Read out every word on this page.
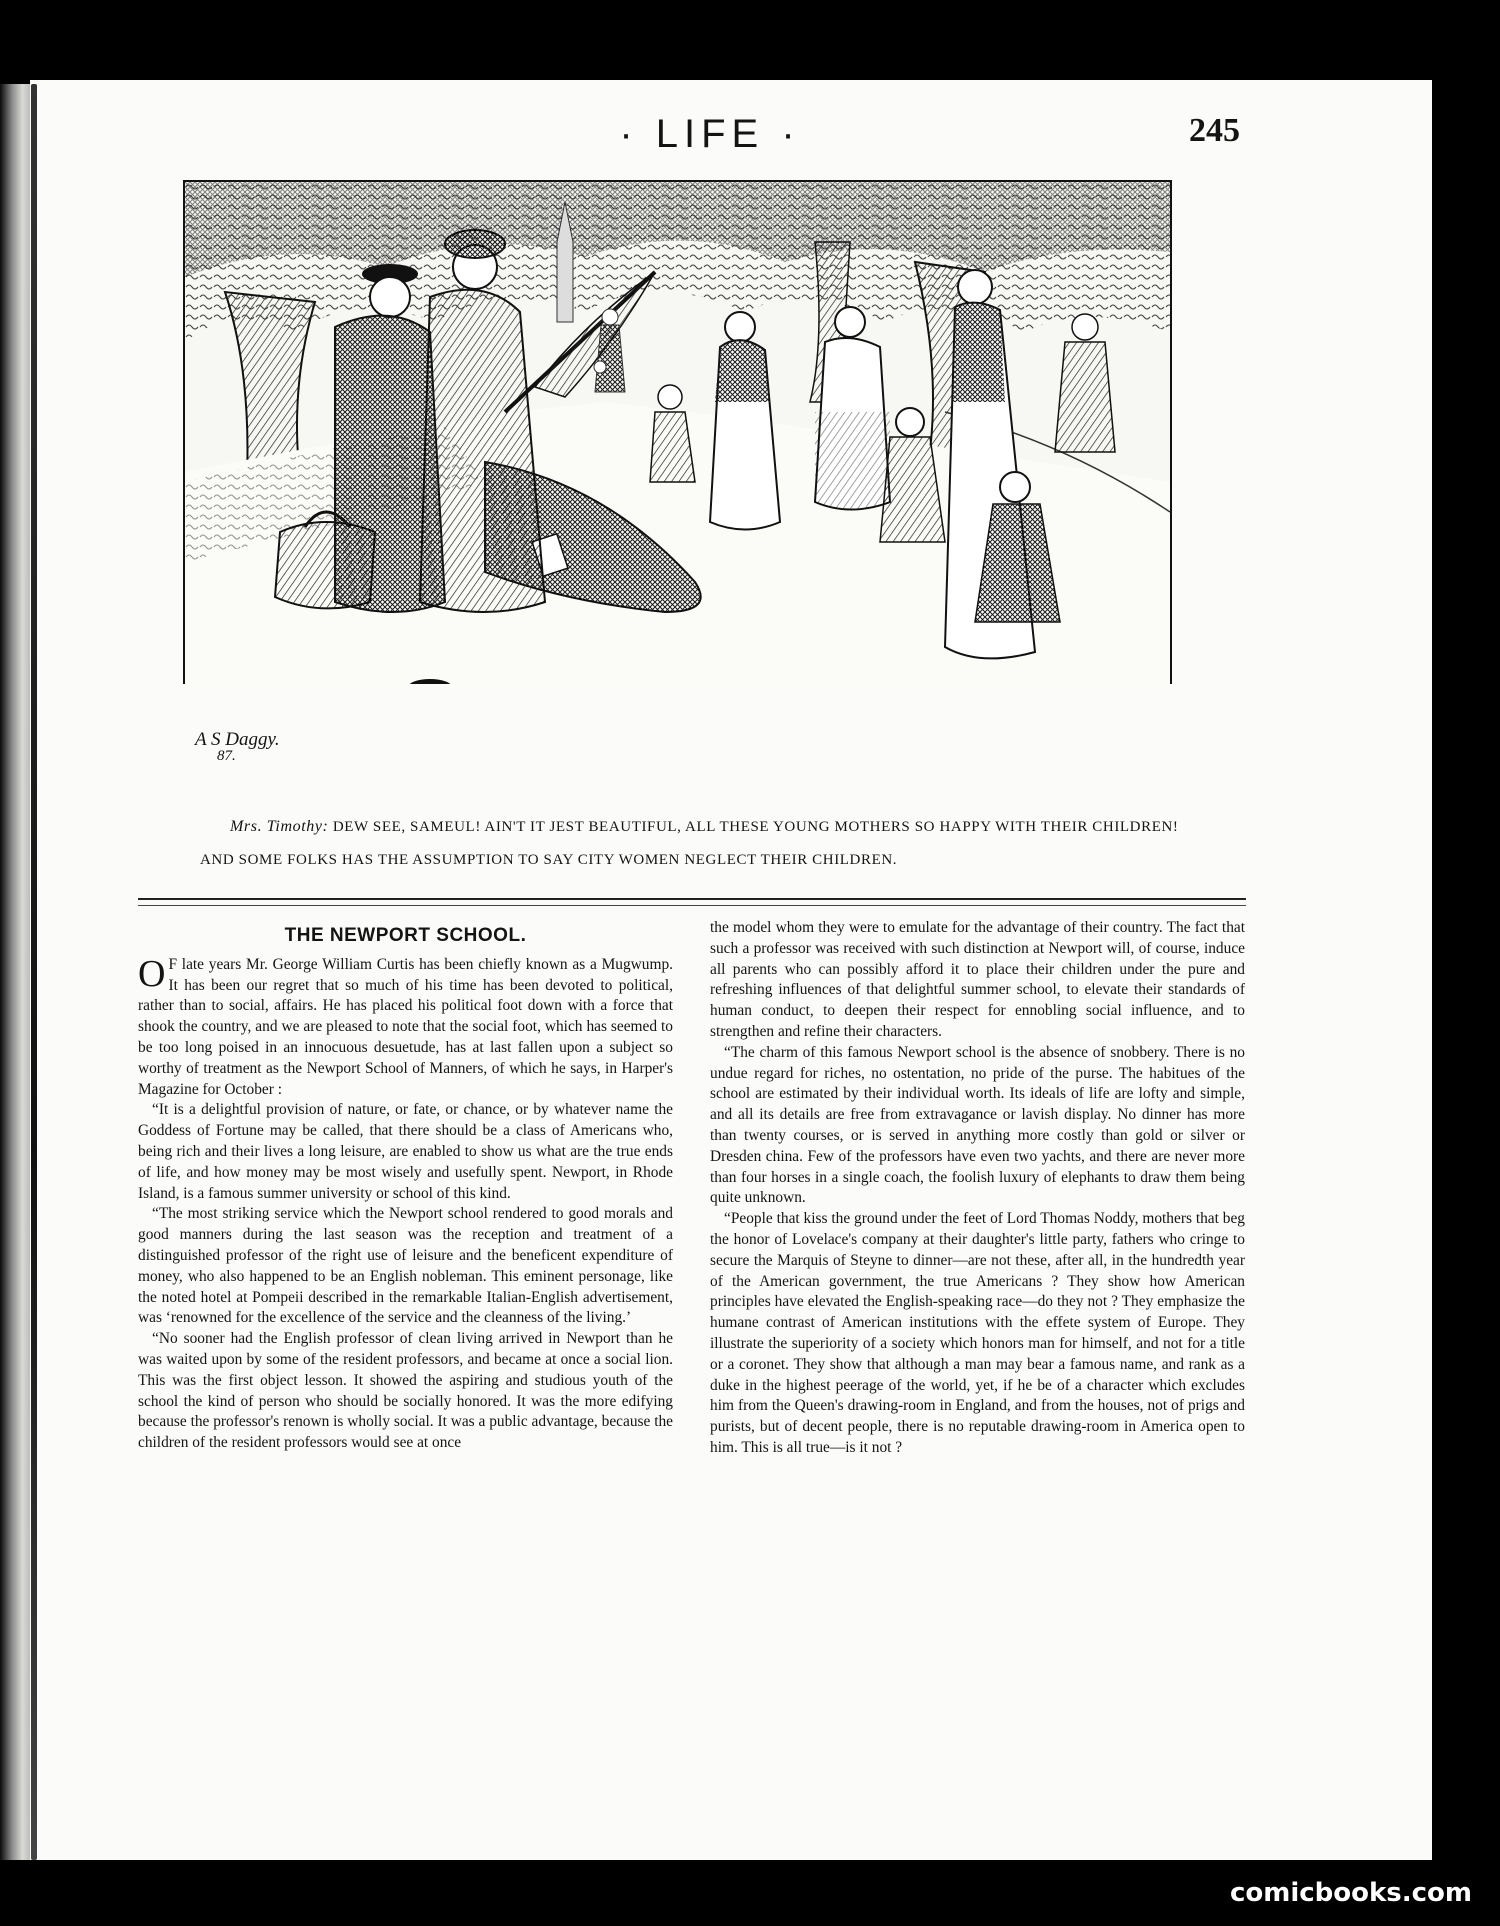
· LIFE ·	245
A S Daggy.
87.
Mrs. Timothy: DEW SEE, SAMEUL! AIN'T IT JEST BEAUTIFUL, ALL THESE YOUNG MOTHERS SO HAPPY WITH THEIR CHILDREN! AND SOME FOLKS HAS THE ASSUMPTION TO SAY CITY WOMEN NEGLECT THEIR CHILDREN.
THE NEWPORT SCHOOL.

O F late years Mr. George William Curtis has been chiefly known as a Mugwump. It has been our regret that so much of his time has been devoted to political, rather than to social, affairs. He has placed his political foot down with a force that shook the country, and we are pleased to note that the social foot, which has seemed to be too long poised in an innocuous desuetude, has at last fallen upon a subject so worthy of treatment as the Newport School of Manners, of which he says, in Harper's Magazine for October :

“It is a delightful provision of nature, or fate, or chance, or by whatever name the Goddess of Fortune may be called, that there should be a class of Americans who, being rich and their lives a long leisure, are enabled to show us what are the true ends of life, and how money may be most wisely and usefully spent. Newport, in Rhode Island, is a famous summer university or school of this kind.

“The most striking service which the Newport school rendered to good morals and good manners during the last season was the reception and treatment of a distinguished professor of the right use of leisure and the beneficent expenditure of money, who also happened to be an English nobleman. This eminent personage, like the noted hotel at Pompeii described in the remarkable Italian-English advertisement, was ‘renowned for the excellence of the service and the cleanness of the living.’

“No sooner had the English professor of clean living arrived in Newport than he was waited upon by some of the resident professors, and became at once a social lion. This was the first object lesson. It showed the aspiring and studious youth of the school the kind of person who should be socially honored. It was the more edifying because the professor's renown is wholly social. It was a public advantage, because the children of the resident professors would see at once

the model whom they were to emulate for the advantage of their country. The fact that such a professor was received with such distinction at Newport will, of course, induce all parents who can possibly afford it to place their children under the pure and refreshing influences of that delightful summer school, to elevate their standards of human conduct, to deepen their respect for ennobling social influence, and to strengthen and refine their characters.

“The charm of this famous Newport school is the absence of snobbery. There is no undue regard for riches, no ostentation, no pride of the purse. The habitues of the school are estimated by their individual worth. Its ideals of life are lofty and simple, and all its details are free from extravagance or lavish display. No dinner has more than twenty courses, or is served in anything more costly than gold or silver or Dresden china. Few of the professors have even two yachts, and there are never more than four horses in a single coach, the foolish luxury of elephants to draw them being quite unknown.

“People that kiss the ground under the feet of Lord Thomas Noddy, mothers that beg the honor of Lovelace's company at their daughter's little party, fathers who cringe to secure the Marquis of Steyne to dinner—are not these, after all, in the hundredth year of the American government, the true Americans ? They show how American principles have elevated the English-speaking race—do they not ? They emphasize the humane contrast of American institutions with the effete system of Europe. They illustrate the superiority of a society which honors man for himself, and not for a title or a coronet. They show that although a man may bear a famous name, and rank as a duke in the highest peerage of the world, yet, if he be of a character which excludes him from the Queen's drawing-room in England, and from the houses, not of prigs and purists, but of decent people, there is no reputable drawing-room in America open to him. This is all true—is it not ?

comicbooks.com
